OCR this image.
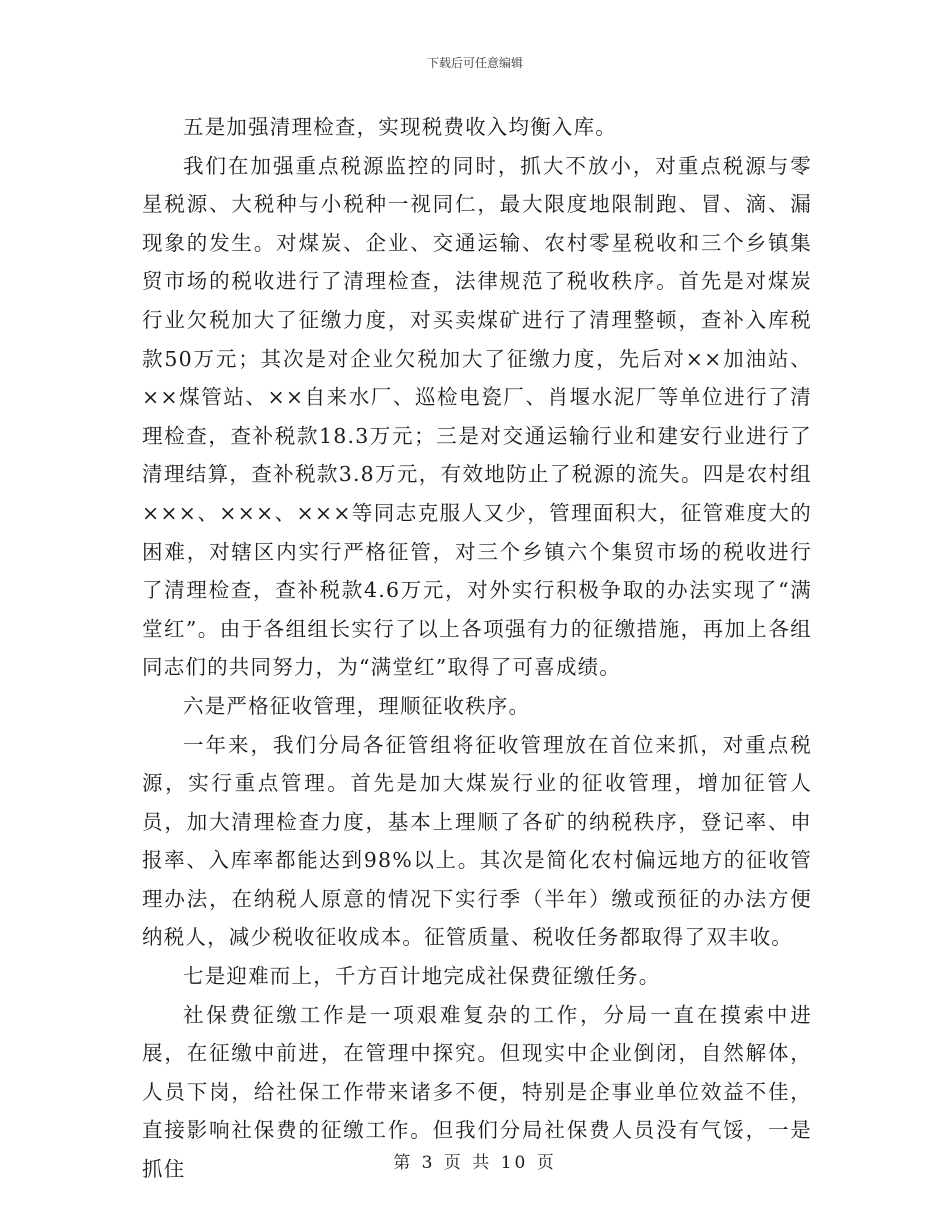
下载后可任意编辑

五是加强清理检查，实现税费收入均衡入库。

我们在加强重点税源监控的同时，抓大不放小，对重点税源与零星税源、大税种与小税种一视同仁，最大限度地限制跑、冒、滴、漏现象的发生。对煤炭、企业、交通运输、农村零星税收和三个乡镇集贸市场的税收进行了清理检查，法律规范了税收秩序。首先是对煤炭行业欠税加大了征缴力度，对买卖煤矿进行了清理整顿，查补入库税款50万元；其次是对企业欠税加大了征缴力度，先后对××加油站、××煤管站、××自来水厂、巡检电瓷厂、肖堰水泥厂等单位进行了清理检查，查补税款18.3万元；三是对交通运输行业和建安行业进行了清理结算，查补税款3.8万元，有效地防止了税源的流失。四是农村组×××、×××、×××等同志克服人又少，管理面积大，征管难度大的困难，对辖区内实行严格征管，对三个乡镇六个集贸市场的税收进行了清理检查，查补税款4.6万元，对外实行积极争取的办法实现了“满堂红”。由于各组组长实行了以上各项强有力的征缴措施，再加上各组同志们的共同努力，为“满堂红”取得了可喜成绩。

六是严格征收管理，理顺征收秩序。

一年来，我们分局各征管组将征收管理放在首位来抓，对重点税源，实行重点管理。首先是加大煤炭行业的征收管理，增加征管人员，加大清理检查力度，基本上理顺了各矿的纳税秩序，登记率、申报率、入库率都能达到98%以上。其次是简化农村偏远地方的征收管理办法，在纳税人原意的情况下实行季（半年）缴或预征的办法方便纳税人，减少税收征收成本。征管质量、税收任务都取得了双丰收。

七是迎难而上，千方百计地完成社保费征缴任务。

社保费征缴工作是一项艰难复杂的工作，分局一直在摸索中进展，在征缴中前进，在管理中探究。但现实中企业倒闭，自然解体，人员下岗，给社保工作带来诸多不便，特别是企事业单位效益不佳，直接影响社保费的征缴工作。但我们分局社保费人员没有气馁，一是抓住	第 3 页 共 10 页
